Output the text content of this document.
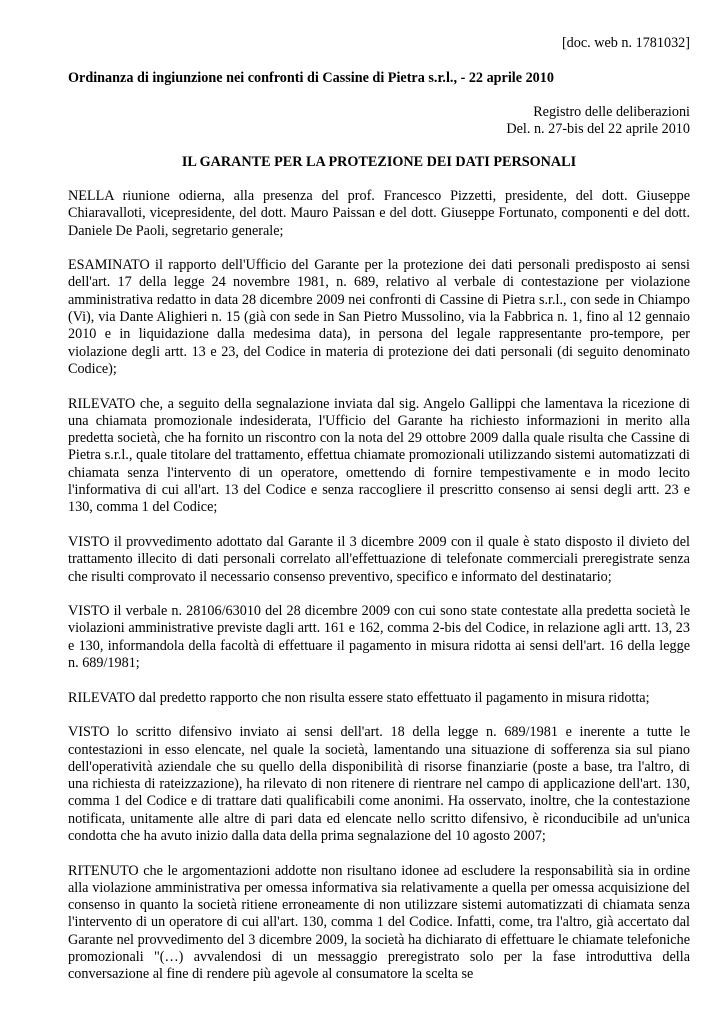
[doc. web n. 1781032]
Ordinanza di ingiunzione nei confronti di Cassine di Pietra s.r.l., - 22 aprile 2010
Registro delle deliberazioni
Del. n. 27-bis del 22 aprile 2010
IL GARANTE PER LA PROTEZIONE DEI DATI PERSONALI

NELLA riunione odierna, alla presenza del prof. Francesco Pizzetti, presidente, del dott. Giuseppe Chiaravalloti, vicepresidente, del dott. Mauro Paissan e del dott. Giuseppe Fortunato, componenti e del dott. Daniele De Paoli, segretario generale;

ESAMINATO il rapporto dell'Ufficio del Garante per la protezione dei dati personali predisposto ai sensi dell'art. 17 della legge 24 novembre 1981, n. 689, relativo al verbale di contestazione per violazione amministrativa redatto in data 28 dicembre 2009 nei confronti di Cassine di Pietra s.r.l., con sede in Chiampo (Vi), via Dante Alighieri n. 15 (già con sede in San Pietro Mussolino, via la Fabbrica n. 1, fino al 12 gennaio 2010 e in liquidazione dalla medesima data), in persona del legale rappresentante pro-tempore, per violazione degli artt. 13 e 23, del Codice in materia di protezione dei dati personali (di seguito denominato Codice);

RILEVATO che, a seguito della segnalazione inviata dal sig. Angelo Gallippi che lamentava la ricezione di una chiamata promozionale indesiderata, l'Ufficio del Garante ha richiesto informazioni in merito alla predetta società, che ha fornito un riscontro con la nota del 29 ottobre 2009 dalla quale risulta che Cassine di Pietra s.r.l., quale titolare del trattamento, effettua chiamate promozionali utilizzando sistemi automatizzati di chiamata senza l'intervento di un operatore, omettendo di fornire tempestivamente e in modo lecito l'informativa di cui all'art. 13 del Codice e senza raccogliere il prescritto consenso ai sensi degli artt. 23 e 130, comma 1 del Codice;

VISTO il provvedimento adottato dal Garante il 3 dicembre 2009 con il quale è stato disposto il divieto del trattamento illecito di dati personali correlato all'effettuazione di telefonate commerciali preregistrate senza che risulti comprovato il necessario consenso preventivo, specifico e informato del destinatario;

VISTO il verbale n. 28106/63010 del 28 dicembre 2009 con cui sono state contestate alla predetta società le violazioni amministrative previste dagli artt. 161 e 162, comma 2-bis del Codice, in relazione agli artt. 13, 23 e 130, informandola della facoltà di effettuare il pagamento in misura ridotta ai sensi dell'art. 16 della legge n. 689/1981;

RILEVATO dal predetto rapporto che non risulta essere stato effettuato il pagamento in misura ridotta;

VISTO lo scritto difensivo inviato ai sensi dell'art. 18 della legge n. 689/1981 e inerente a tutte le contestazioni in esso elencate, nel quale la società, lamentando una situazione di sofferenza sia sul piano dell'operatività aziendale che su quello della disponibilità di risorse finanziarie (poste a base, tra l'altro, di una richiesta di rateizzazione), ha rilevato di non ritenere di rientrare nel campo di applicazione dell'art. 130, comma 1 del Codice e di trattare dati qualificabili come anonimi. Ha osservato, inoltre, che la contestazione notificata, unitamente alle altre di pari data ed elencate nello scritto difensivo, è riconducibile ad un'unica condotta che ha avuto inizio dalla data della prima segnalazione del 10 agosto 2007;

RITENUTO che le argomentazioni addotte non risultano idonee ad escludere la responsabilità sia in ordine alla violazione amministrativa per omessa informativa sia relativamente a quella per omessa acquisizione del consenso in quanto la società ritiene erroneamente di non utilizzare sistemi automatizzati di chiamata senza l'intervento di un operatore di cui all'art. 130, comma 1 del Codice. Infatti, come, tra l'altro, già accertato dal Garante nel provvedimento del 3 dicembre 2009, la società ha dichiarato di effettuare le chiamate telefoniche promozionali "(…) avvalendosi di un messaggio preregistrato solo per la fase introduttiva della conversazione al fine di rendere più agevole al consumatore la scelta se
